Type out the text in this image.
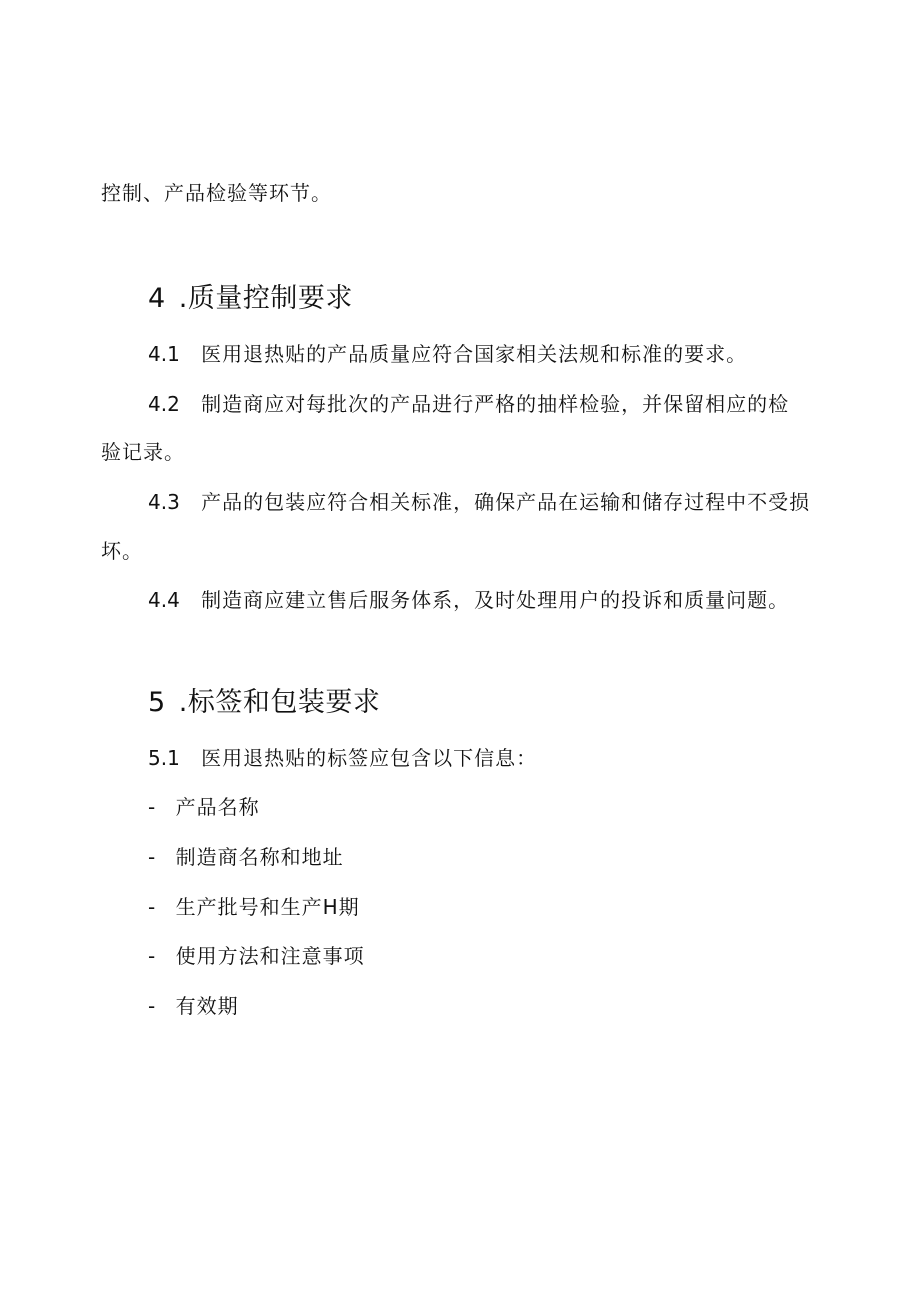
控制、产品检验等环节。
4 .质量控制要求
4.1 医用退热贴的产品质量应符合国家相关法规和标准的要求。
4.2 制造商应对每批次的产品进行严格的抽样检验，并保留相应的检
验记录。
4.3 产品的包装应符合相关标准，确保产品在运输和储存过程中不受损
坏。
4.4 制造商应建立售后服务体系，及时处理用户的投诉和质量问题。
5 .标签和包装要求
5.1 医用退热贴的标签应包含以下信息：
- 产品名称
- 制造商名称和地址
- 生产批号和生产H期
- 使用方法和注意事项
- 有效期
